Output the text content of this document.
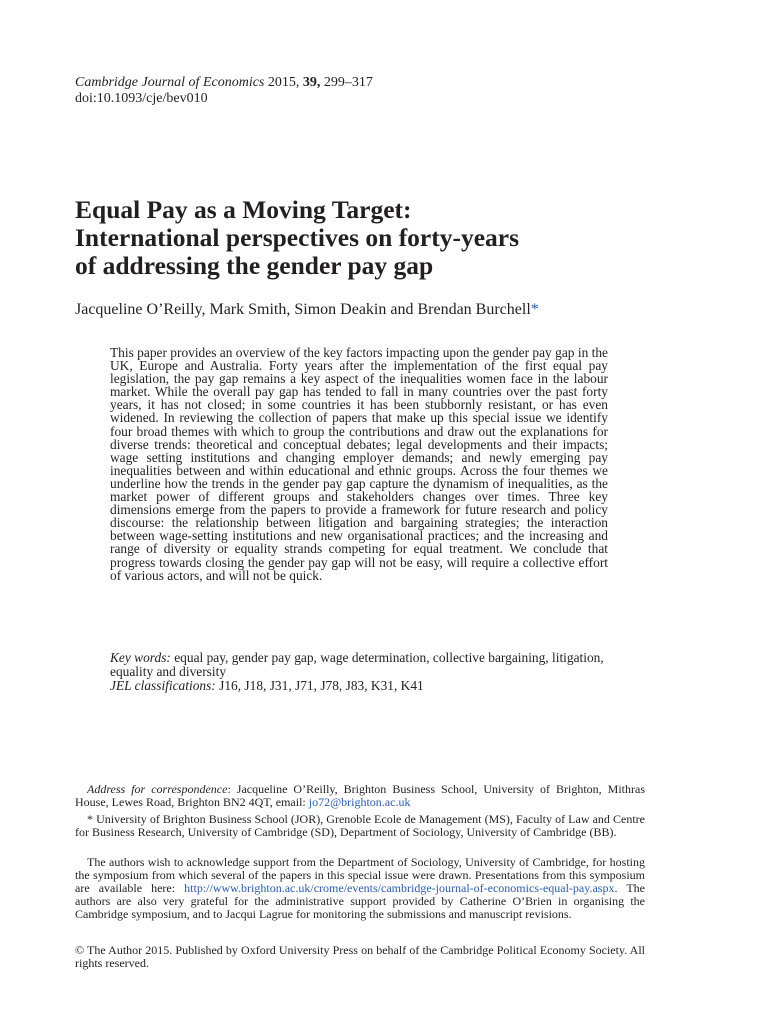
Cambridge Journal of Economics 2015, 39, 299–317
doi:10.1093/cje/bev010
Equal Pay as a Moving Target:
International perspectives on forty-years
of addressing the gender pay gap
Jacqueline O’Reilly, Mark Smith, Simon Deakin and Brendan Burchell*

This paper provides an overview of the key factors impacting upon the gender pay gap in the UK, Europe and Australia. Forty years after the implementation of the first equal pay legislation, the pay gap remains a key aspect of the inequalities women face in the labour market. While the overall pay gap has tended to fall in many countries over the past forty years, it has not closed; in some countries it has been stubbornly resistant, or has even widened. In reviewing the collection of papers that make up this special issue we identify four broad themes with which to group the contributions and draw out the explanations for diverse trends: theoretical and conceptual debates; legal developments and their impacts; wage setting institutions and changing employer demands; and newly emerging pay inequalities between and within educational and ethnic groups. Across the four themes we underline how the trends in the gender pay gap capture the dynamism of inequalities, as the market power of different groups and stakeholders changes over times. Three key dimensions emerge from the papers to provide a framework for future research and policy discourse: the relationship between litigation and bargaining strategies; the interaction between wage-setting institutions and new organisational practices; and the increasing and range of diversity or equality strands competing for equal treatment. We conclude that progress towards closing the gender pay gap will not be easy, will require a collective effort of various actors, and will not be quick.

Key words: equal pay, gender pay gap, wage determination, collective bargaining, litigation, equality and diversity
JEL classifications: J16, J18, J31, J71, J78, J83, K31, K41

Address for correspondence: Jacqueline O’Reilly, Brighton Business School, University of Brighton, Mithras House, Lewes Road, Brighton BN2 4QT, email: jo72@brighton.ac.uk

* University of Brighton Business School (JOR), Grenoble Ecole de Management (MS), Faculty of Law and Centre for Business Research, University of Cambridge (SD), Department of Sociology, University of Cambridge (BB).

The authors wish to acknowledge support from the Department of Sociology, University of Cambridge, for hosting the symposium from which several of the papers in this special issue were drawn. Presentations from this symposium are available here: http://www.brighton.ac.uk/crome/events/cambridge-journal-of-economics-equal-pay.aspx. The authors are also very grateful for the administrative support provided by Catherine O’Brien in organising the Cambridge symposium, and to Jacqui Lagrue for monitoring the submissions and manuscript revisions.

© The Author 2015. Published by Oxford University Press on behalf of the Cambridge Political Economy Society. All rights reserved.
